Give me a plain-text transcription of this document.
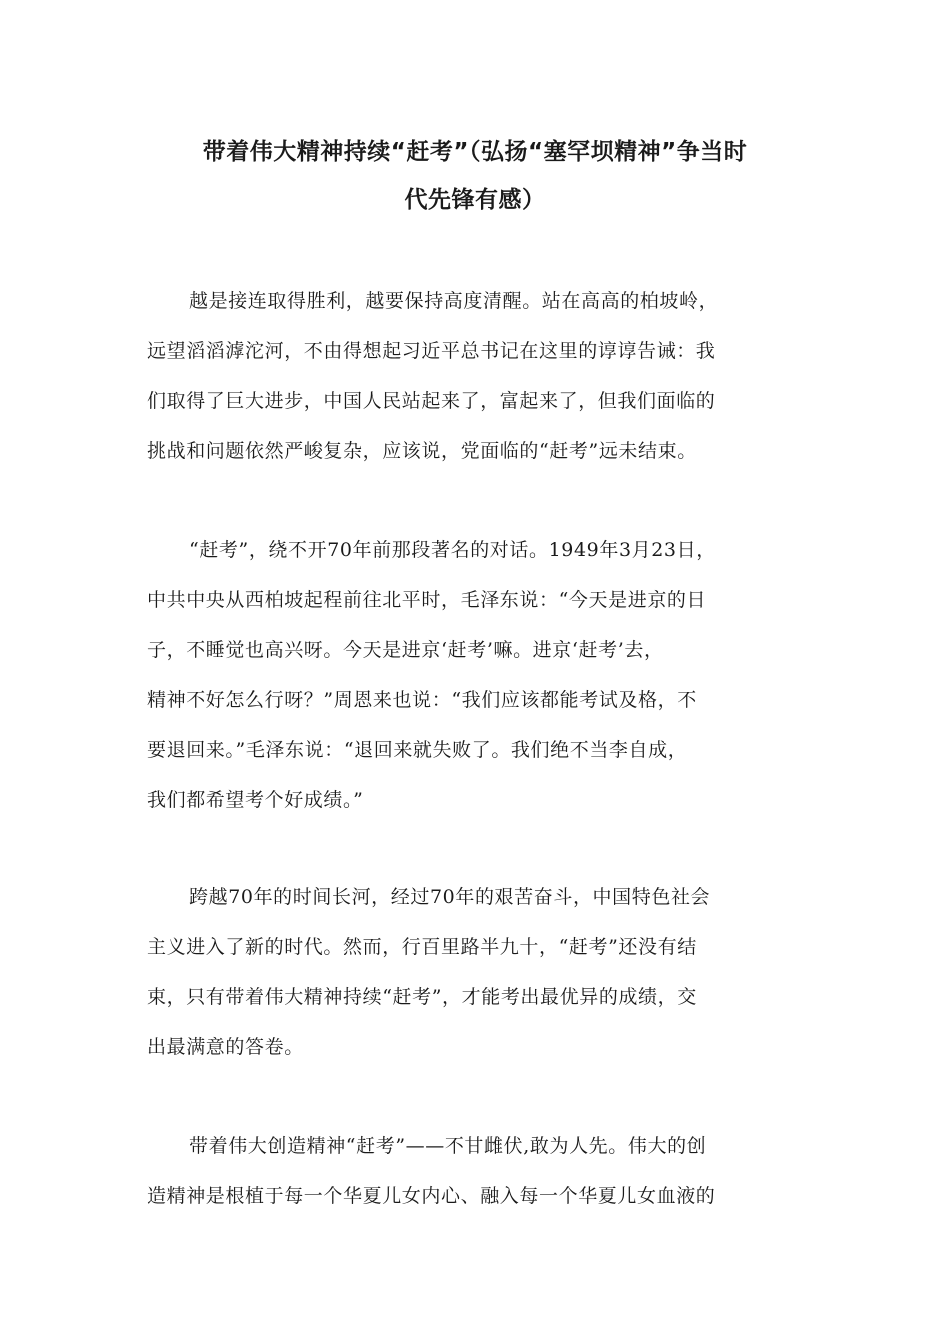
带着伟大精神持续“赶考”（弘扬“塞罕坝精神”争当时
代先锋有感）
越是接连取得胜利，越要保持高度清醒。站在高高的柏坡岭，
远望滔滔滹沱河，不由得想起习近平总书记在这里的谆谆告诫：我
们取得了巨大进步，中国人民站起来了，富起来了，但我们面临的
挑战和问题依然严峻复杂，应该说，党面临的“赶考”远未结束。
“赶考”，绕不开70年前那段著名的对话。1949年3月23日，
中共中央从西柏坡起程前往北平时，毛泽东说：“今天是进京的日
子，不睡觉也高兴呀。今天是进京‘赶考’嘛。进京‘赶考’去，
精神不好怎么行呀？”周恩来也说：“我们应该都能考试及格，不
要退回来。”毛泽东说：“退回来就失败了。我们绝不当李自成，
我们都希望考个好成绩。”
跨越70年的时间长河，经过70年的艰苦奋斗，中国特色社会
主义进入了新的时代。然而，行百里路半九十，“赶考”还没有结
束，只有带着伟大精神持续“赶考”，才能考出最优异的成绩，交
出最满意的答卷。
带着伟大创造精神“赶考”——不甘雌伏,敢为人先。伟大的创
造精神是根植于每一个华夏儿女内心、融入每一个华夏儿女血液的
